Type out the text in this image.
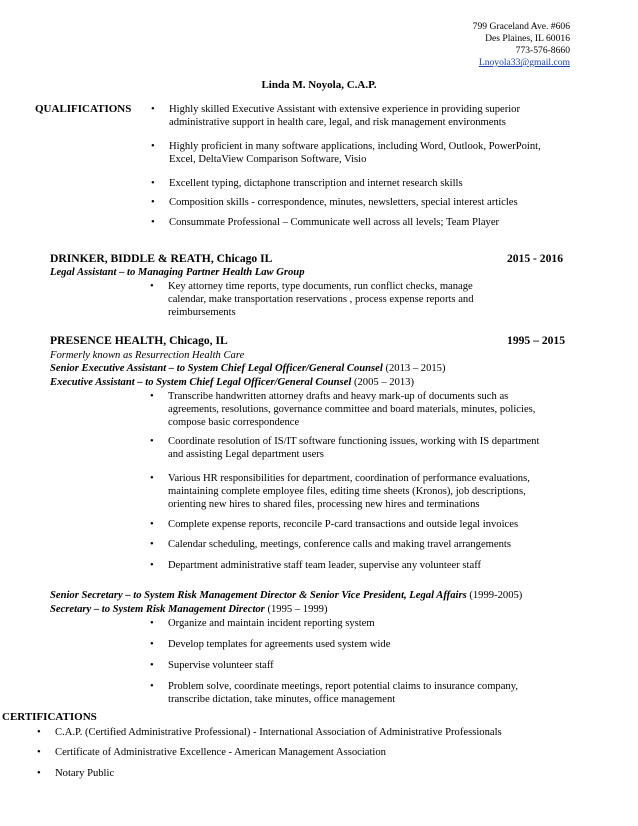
799 Graceland Ave. #606
Des Plaines, IL 60016
773-576-8660
Lnoyola33@gmail.com
Linda M. Noyola, C.A.P.
QUALIFICATIONS • Highly skilled Executive Assistant with extensive experience in providing superior
administrative support in health care, legal, and risk management environments
• Highly proficient in many software applications, including Word, Outlook, PowerPoint,
Excel, DeltaView Comparison Software, Visio
• Excellent typing, dictaphone transcription and internet research skills
• Composition skills - correspondence, minutes, newsletters, special interest articles
• Consummate Professional – Communicate well across all levels; Team Player
DRINKER, BIDDLE & REATH, Chicago IL	2015 - 2016
Legal Assistant – to Managing Partner Health Law Group
• Key attorney time reports, type documents, run conflict checks, manage
calendar, make transportation reservations , process expense reports and
reimbursements
PRESENCE HEALTH, Chicago, IL	1995 – 2015
Formerly known as Resurrection Health Care
Senior Executive Assistant – to System Chief Legal Officer/General Counsel (2013 – 2015)
Executive Assistant – to System Chief Legal Officer/General Counsel (2005 – 2013)
• Transcribe handwritten attorney drafts and heavy mark-up of documents such as
agreements, resolutions, governance committee and board materials, minutes, policies,
compose basic correspondence
• Coordinate resolution of IS/IT software functioning issues, working with IS department
and assisting Legal department users
• Various HR responsibilities for department, coordination of performance evaluations,
maintaining complete employee files, editing time sheets (Kronos), job descriptions,
orienting new hires to shared files, processing new hires and terminations
• Complete expense reports, reconcile P-card transactions and outside legal invoices
• Calendar scheduling, meetings, conference calls and making travel arrangements
• Department administrative staff team leader, supervise any volunteer staff
Senior Secretary – to System Risk Management Director & Senior Vice President, Legal Affairs (1999-2005)
Secretary – to System Risk Management Director (1995 – 1999)
• Organize and maintain incident reporting system
• Develop templates for agreements used system wide
• Supervise volunteer staff
• Problem solve, coordinate meetings, report potential claims to insurance company,
transcribe dictation, take minutes, office management
CERTIFICATIONS
• C.A.P. (Certified Administrative Professional) - International Association of Administrative Professionals
• Certificate of Administrative Excellence - American Management Association
• Notary Public
